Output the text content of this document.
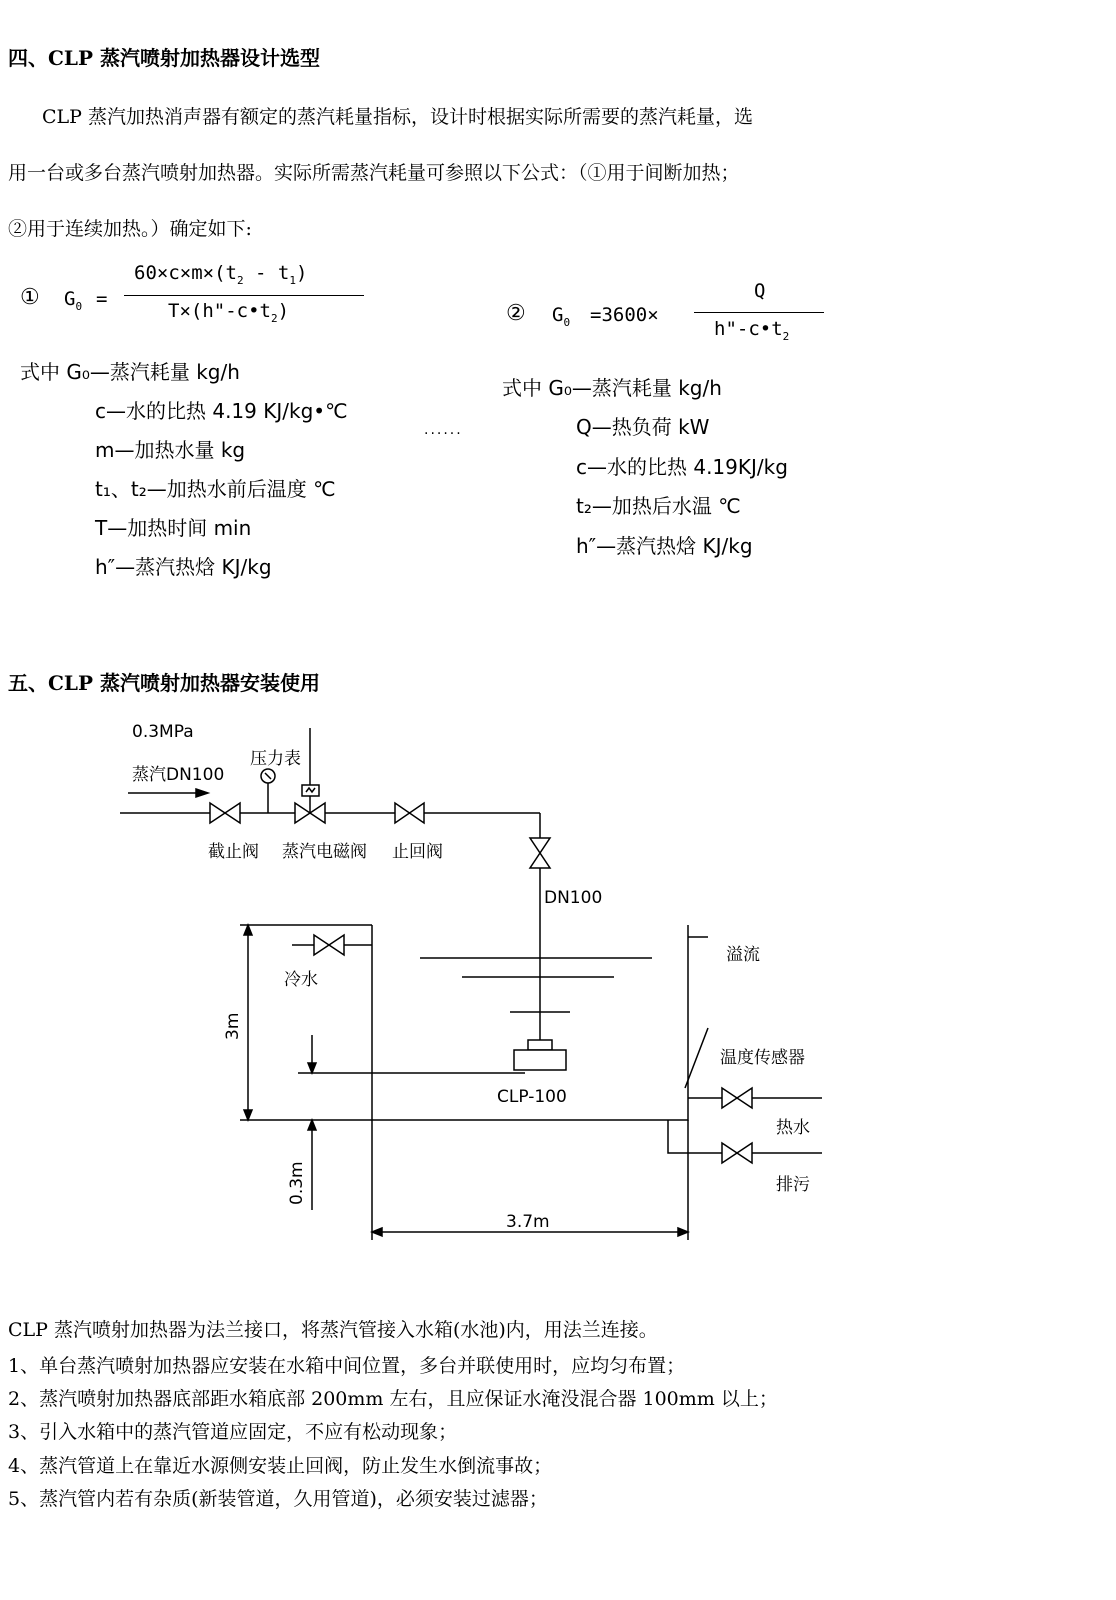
四、CLP 蒸汽喷射加热器设计选型
CLP 蒸汽加热消声器有额定的蒸汽耗量指标，设计时根据实际所需要的蒸汽耗量，选
用一台或多台蒸汽喷射加热器。实际所需蒸汽耗量可参照以下公式：（①用于间断加热；
②用于连续加热。）确定如下:
① $G_0$ =
$60\times c\times m\times(t_2 - t_1)$
$T\times(h"-c•t_2)$
式中 G₀—蒸汽耗量 kg/h
c—水的比热 4.19 KJ/kg•℃
m—加热水量 kg
t₁、t₂—加热水前后温度 ℃
T—加热时间 min
h″—蒸汽热焓 KJ/kg
······
② $G_0 =3600\times$
Q
$h"-c•t_2$
式中 G₀—蒸汽耗量 kg/h
Q—热负荷 kW
c—水的比热 4.19KJ/kg
t₂—加热后水温 ℃
h″—蒸汽热焓 KJ/kg
五、CLP 蒸汽喷射加热器安装使用
0.3MPa
蒸汽DN100
压力表
截止阀 蒸汽电磁阀 止回阀
DN100
冷水
溢流
温度传感器
CLP-100
热水
排污
3.7m
3m
0.3m
CLP 蒸汽喷射加热器为法兰接口，将蒸汽管接入水箱(水池)内，用法兰连接。
1、单台蒸汽喷射加热器应安装在水箱中间位置，多台并联使用时，应均匀布置；
2、蒸汽喷射加热器底部距水箱底部 200mm 左右，且应保证水淹没混合器 100mm 以上；
3、引入水箱中的蒸汽管道应固定，不应有松动现象；
4、蒸汽管道上在靠近水源侧安装止回阀，防止发生水倒流事故；
5、蒸汽管内若有杂质(新装管道，久用管道)，必须安装过滤器；
